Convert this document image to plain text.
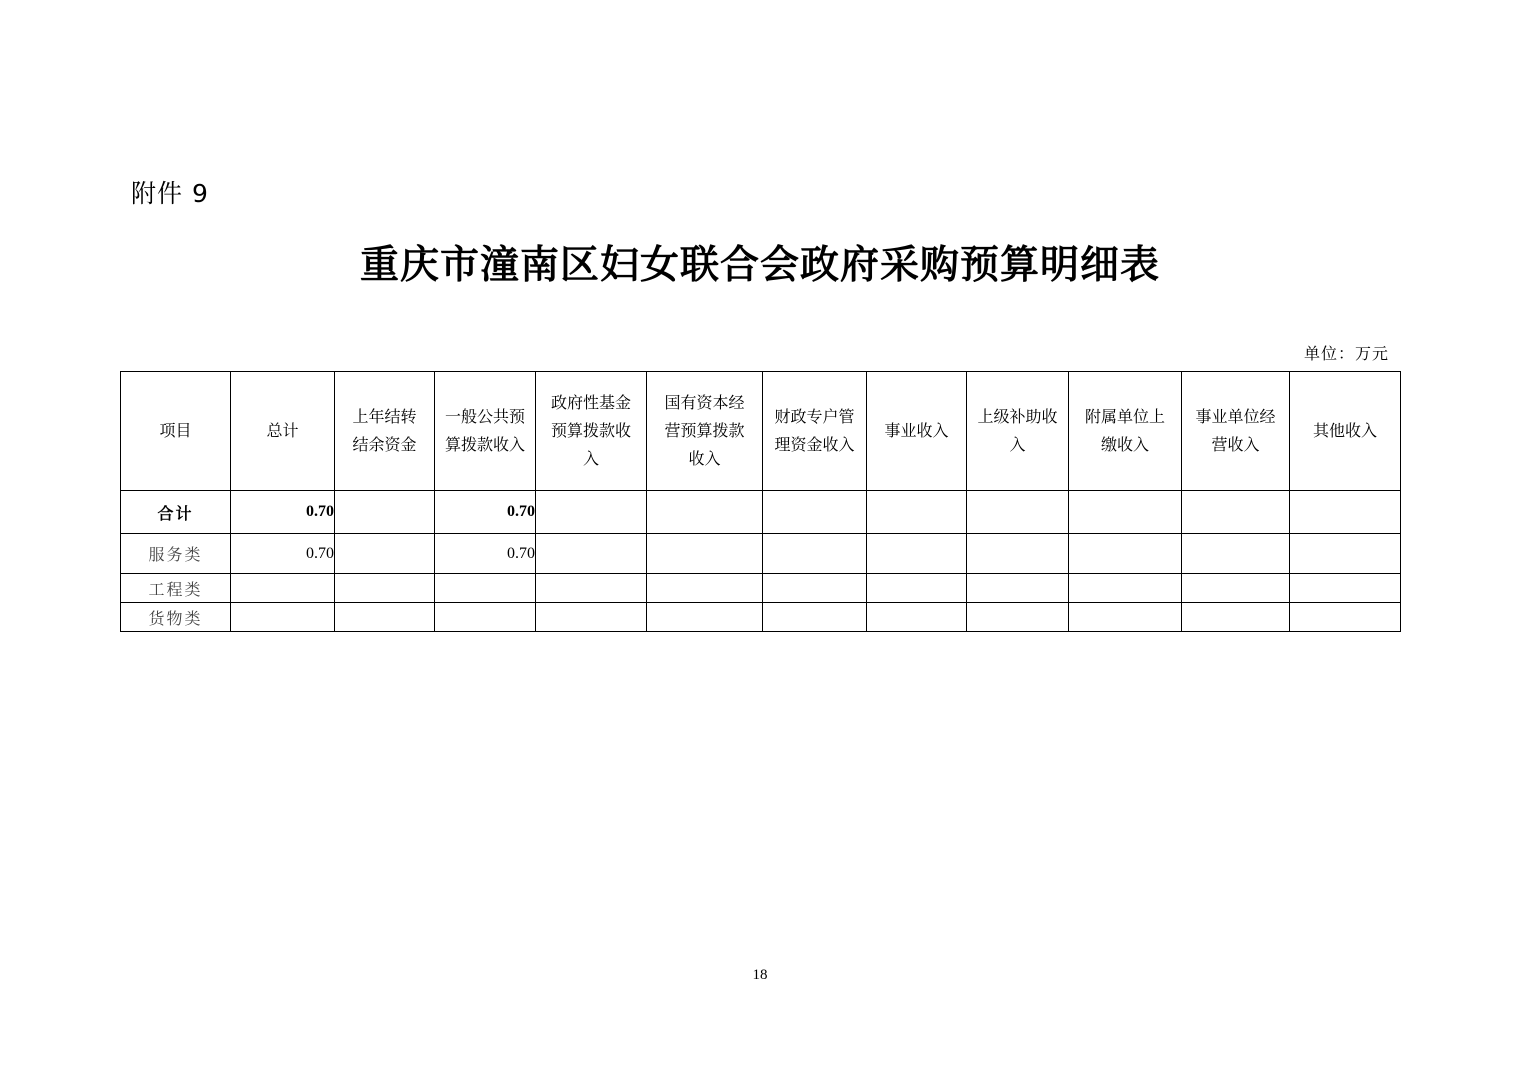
附件 9
重庆市潼南区妇女联合会政府采购预算明细表
单位：万元
项目	总计	上年结转结余资金	一般公共预算拨款收入	政府性基金预算拨款收入	国有资本经营预算拨款收入	财政专户管理资金收入	事业收入	上级补助收入	附属单位上缴收入	事业单位经营收入	其他收入
合计	0.70		0.70								
服务类	0.70		0.70								
工程类											
货物类											
18
